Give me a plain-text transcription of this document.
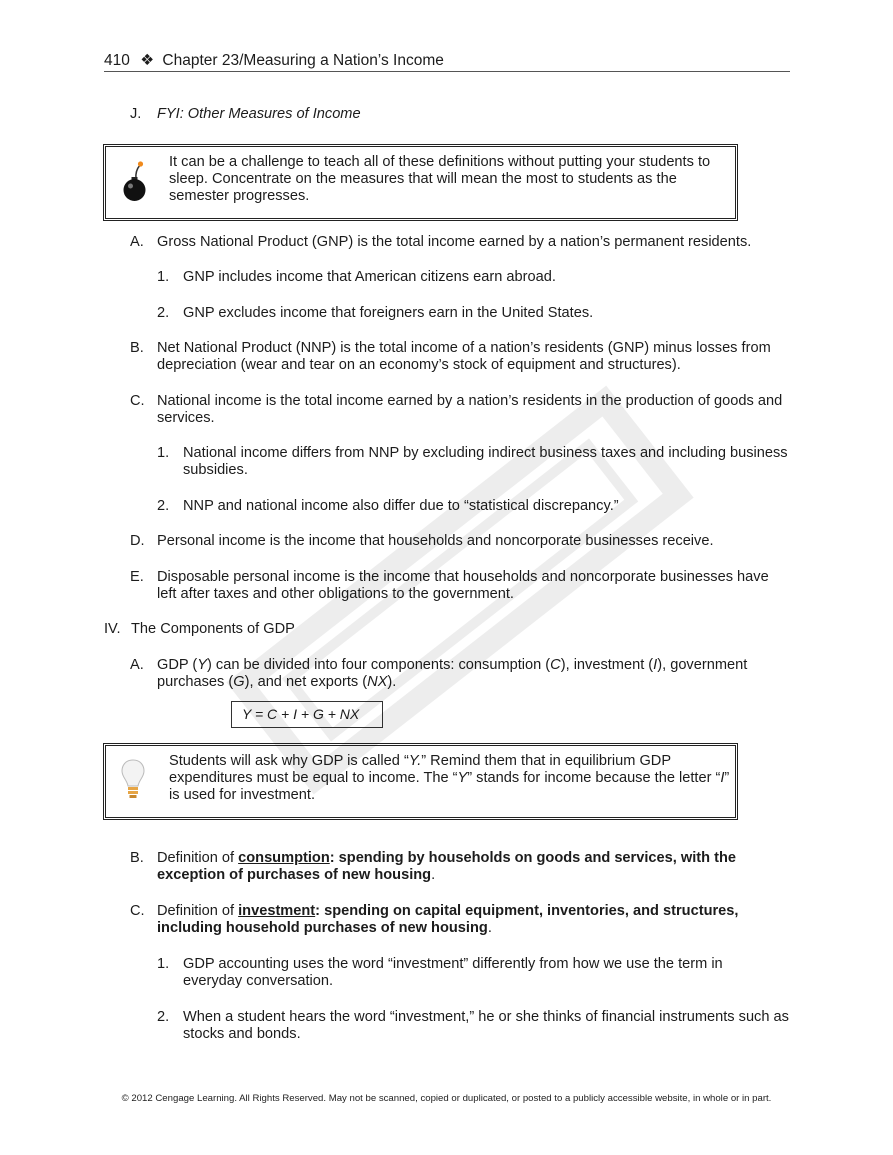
410 ❖ Chapter 23/Measuring a Nation’s Income
J. FYI: Other Measures of Income
It can be a challenge to teach all of these definitions without putting your students to sleep. Concentrate on the measures that will mean the most to students as the semester progresses.
A. Gross National Product (GNP) is the total income earned by a nation’s permanent residents.
1. GNP includes income that American citizens earn abroad.
2. GNP excludes income that foreigners earn in the United States.
B. Net National Product (NNP) is the total income of a nation’s residents (GNP) minus losses from depreciation (wear and tear on an economy’s stock of equipment and structures).
C. National income is the total income earned by a nation’s residents in the production of goods and services.
1. National income differs from NNP by excluding indirect business taxes and including business subsidies.
2. NNP and national income also differ due to “statistical discrepancy.”
D. Personal income is the income that households and noncorporate businesses receive.
E. Disposable personal income is the income that households and noncorporate businesses have left after taxes and other obligations to the government.
IV. The Components of GDP
A. GDP (Y) can be divided into four components: consumption (C), investment (I), government purchases (G), and net exports (NX).
Y = C + I + G + NX
Students will ask why GDP is called “Y.” Remind them that in equilibrium GDP expenditures must be equal to income. The “Y” stands for income because the letter “I” is used for investment.
B. Definition of consumption: spending by households on goods and services, with the exception of purchases of new housing.
C. Definition of investment: spending on capital equipment, inventories, and structures, including household purchases of new housing.
1. GDP accounting uses the word “investment” differently from how we use the term in everyday conversation.
2. When a student hears the word “investment,” he or she thinks of financial instruments such as stocks and bonds.
© 2012 Cengage Learning. All Rights Reserved. May not be scanned, copied or duplicated, or posted to a publicly accessible website, in whole or in part.
